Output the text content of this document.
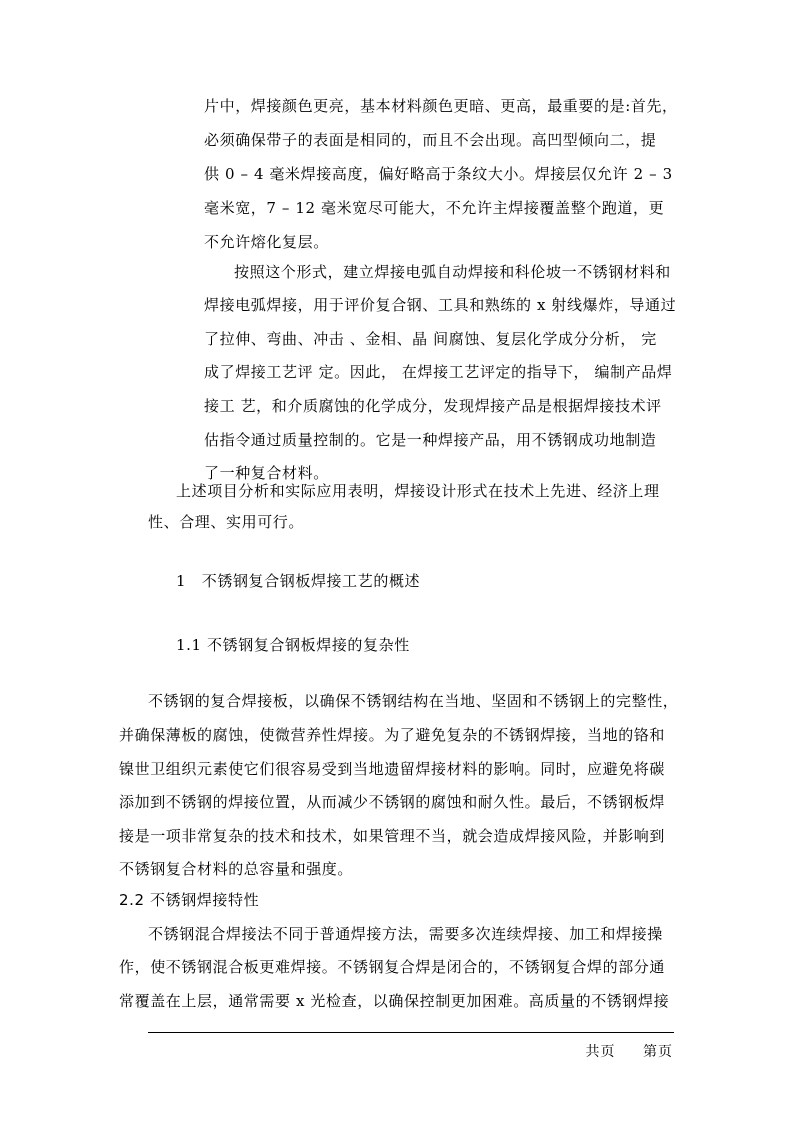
片中，焊接颜色更亮，基本材料颜色更暗、更高，最重要的是:首先，
必须确保带子的表面是相同的，而且不会出现。高凹型倾向二，提
供 0 – 4 毫米焊接高度，偏好略高于条纹大小。焊接层仅允许 2 – 3
毫米宽，7 – 12 毫米宽尽可能大，不允许主焊接覆盖整个跑道，更
不允许熔化复层。
按照这个形式，建立焊接电弧自动焊接和科伦坡一不锈钢材料和
焊接电弧焊接，用于评价复合钢、工具和熟练的 x 射线爆炸，导通过
了拉伸、弯曲、冲击 、金相、晶 间腐蚀、复层化学成分分析， 完
成了焊接工艺评 定。因此， 在焊接工艺评定的指导下， 编制产品焊
接工 艺，和介质腐蚀的化学成分，发现焊接产品是根据焊接技术评
估指令通过质量控制的。它是一种焊接产品，用不锈钢成功地制造
了一种复合材料。
上述项目分析和实际应用表明，焊接设计形式在技术上先进、经济上理
性、合理、实用可行。
1　不锈钢复合钢板焊接工艺的概述
1.1 不锈钢复合钢板焊接的复杂性
不锈钢的复合焊接板，以确保不锈钢结构在当地、坚固和不锈钢上的完整性，
并确保薄板的腐蚀，使微营养性焊接。为了避免复杂的不锈钢焊接，当地的铬和
镍世卫组织元素使它们很容易受到当地遗留焊接材料的影响。同时，应避免将碳
添加到不锈钢的焊接位置，从而减少不锈钢的腐蚀和耐久性。最后，不锈钢板焊
接是一项非常复杂的技术和技术，如果管理不当，就会造成焊接风险，并影响到
不锈钢复合材料的总容量和强度。
2.2 不锈钢焊接特性
不锈钢混合焊接法不同于普通焊接方法，需要多次连续焊接、加工和焊接操
作，使不锈钢混合板更难焊接。不锈钢复合焊是闭合的，不锈钢复合焊的部分通
常覆盖在上层，通常需要 x 光检查，以确保控制更加困难。高质量的不锈钢焊接
共页 第页
